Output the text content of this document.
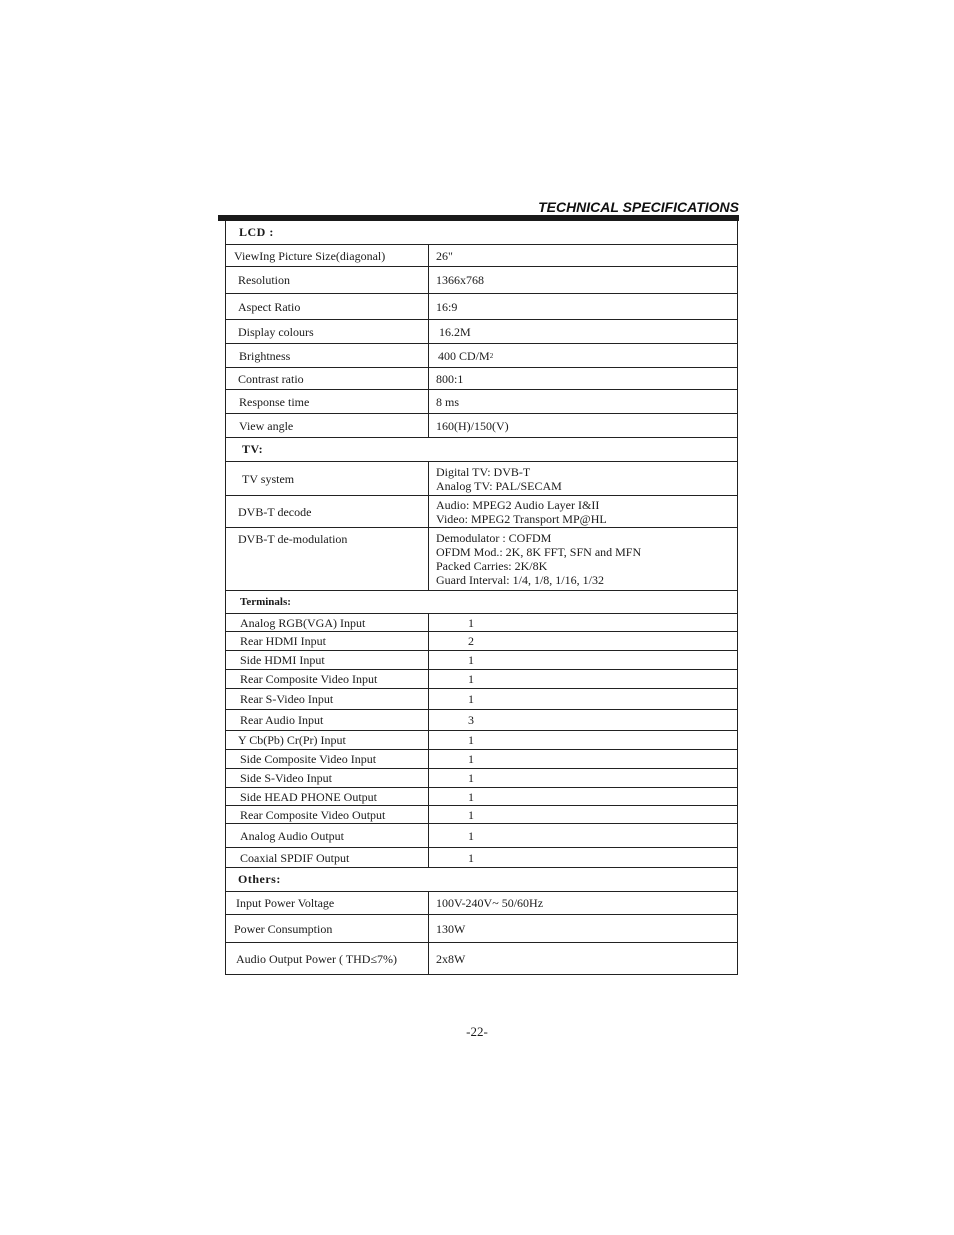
TECHNICAL SPECIFICATIONS
LCD :
ViewIng Picture Size(diagonal)	26"
Resolution	1366x768
Aspect Ratio	16:9
Display colours	16.2M
Brightness	400 CD/M 2
Contrast ratio	800:1
Response time	8 ms
View angle	160(H)/150(V)
TV:
TV system	Digital TV: DVB-T
Analog TV: PAL/SECAM
DVB-T decode	Audio: MPEG2 Audio Layer I&II
Video: MPEG2 Transport MP@HL
DVB-T de-modulation	Demodulator : COFDM
OFDM Mod.: 2K, 8K FFT, SFN and MFN
Packed Carries: 2K/8K
Guard Interval: 1/4, 1/8, 1/16, 1/32
Terminals:
Analog RGB(VGA) Input	1
Rear HDMI Input	2
Side HDMI Input	1
Rear Composite Video Input	1
Rear S-Video Input	1
Rear Audio Input	3
Y Cb(Pb) Cr(Pr) Input	1
Side Composite Video Input	1
Side S-Video Input	1
Side HEAD PHONE Output	1
Rear Composite Video Output	1
Analog Audio Output	1
Coaxial SPDIF Output	1
Others:
Input Power Voltage	100V-240V~ 50/60Hz
Power Consumption	130W
Audio Output Power ( THD≤7%)	2x8W
-22-
